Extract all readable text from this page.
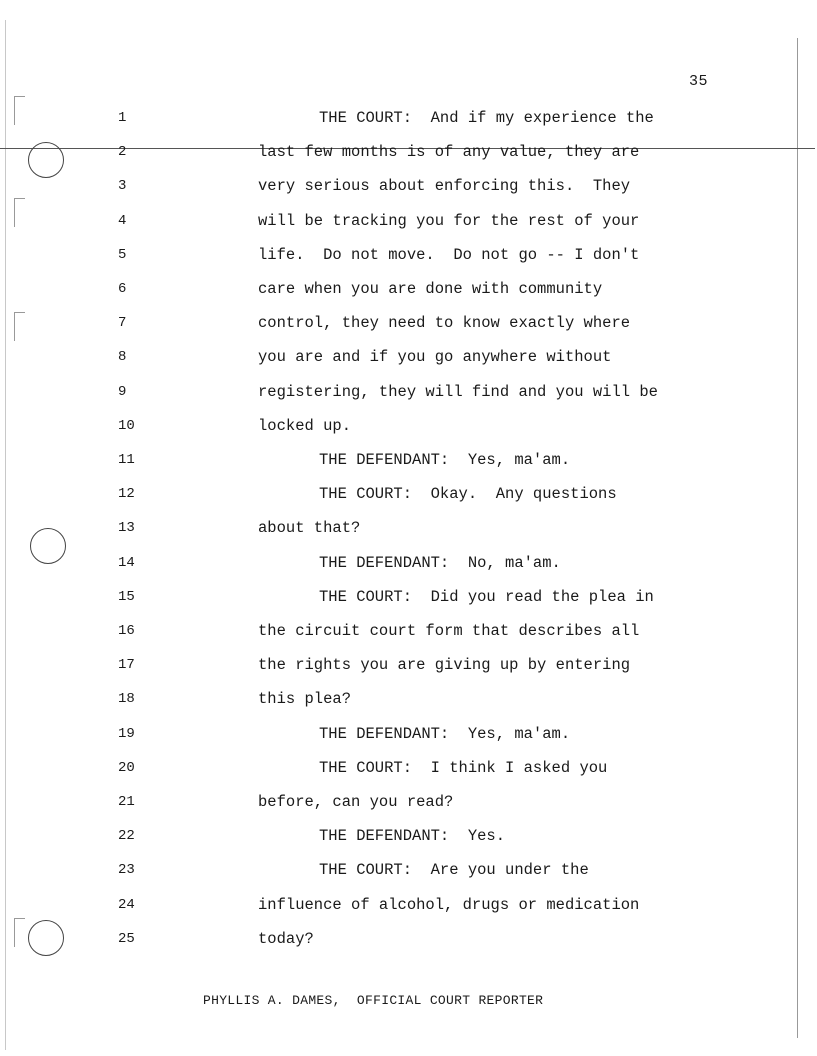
35
1	THE COURT:  And if my experience the
2	last few months is of any value, they are
3	very serious about enforcing this.  They
4	will be tracking you for the rest of your
5	life.  Do not move.  Do not go -- I don't
6	care when you are done with community
7	control, they need to know exactly where
8	you are and if you go anywhere without
9	registering, they will find and you will be
10	locked up.
11	THE DEFENDANT:  Yes, ma'am.
12	THE COURT:  Okay.  Any questions
13	about that?
14	THE DEFENDANT:  No, ma'am.
15	THE COURT:  Did you read the plea in
16	the circuit court form that describes all
17	the rights you are giving up by entering
18	this plea?
19	THE DEFENDANT:  Yes, ma'am.
20	THE COURT:  I think I asked you
21	before, can you read?
22	THE DEFENDANT:  Yes.
23	THE COURT:  Are you under the
24	influence of alcohol, drugs or medication
25	today?
PHYLLIS A. DAMES,  OFFICIAL COURT REPORTER
